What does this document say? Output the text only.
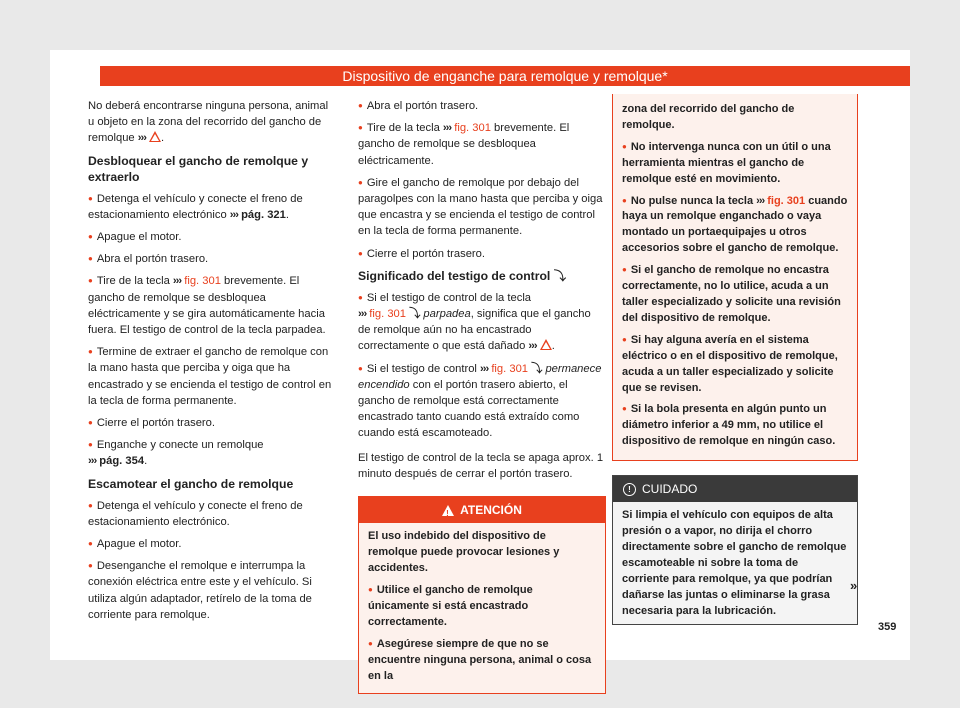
Dispositivo de enganche para remolque y remolque*

No deberá encontrarse ninguna persona, animal u objeto en la zona del recorrido del gancho de remolque ››› .

Desbloquear el gancho de remolque y extraerlo

● Detenga el vehículo y conecte el freno de estacionamiento electrónico ››› pág. 321.

● Apague el motor.

● Abra el portón trasero.

● Tire de la tecla ››› fig. 301 brevemente. El gancho de remolque se desbloquea eléctricamente y se gira automáticamente hacia fuera. El testigo de control de la tecla parpadea.

● Termine de extraer el gancho de remolque con la mano hasta que perciba y oiga que ha encastrado y se encienda el testigo de control en la tecla de forma permanente.

● Cierre el portón trasero.

● Enganche y conecte un remolque
››› pág. 354.

Escamotear el gancho de remolque

● Detenga el vehículo y conecte el freno de estacionamiento electrónico.

● Apague el motor.

● Desenganche el remolque e interrumpa la conexión eléctrica entre este y el vehículo. Si utiliza algún adaptador, retírelo de la toma de corriente para remolque.

● Abra el portón trasero.

● Tire de la tecla ››› fig. 301 brevemente. El gancho de remolque se desbloquea eléctricamente.

● Gire el gancho de remolque por debajo del paragolpes con la mano hasta que perciba y oiga que encastra y se encienda el testigo de control en la tecla de forma permanente.

● Cierre el portón trasero.

Significado del testigo de control ⤵

● Si el testigo de control de la tecla
››› fig. 301 ⤵ parpadea, significa que el gancho de remolque aún no ha encastrado correctamente o que está dañado ››› .

● Si el testigo de control ››› fig. 301 ⤵ permanece encendido con el portón trasero abierto, el gancho de remolque está correctamente encastrado tanto cuando está extraído como cuando está escamoteado.

El testigo de control de la tecla se apaga aprox. 1 minuto después de cerrar el portón trasero.

!
ATENCIÓN

El uso indebido del dispositivo de remolque puede provocar lesiones y accidentes.

● Utilice el gancho de remolque únicamente si está encastrado correctamente.

● Asegúrese siempre de que no se encuentre ninguna persona, animal o cosa en la

zona del recorrido del gancho de remolque.

● No intervenga nunca con un útil o una herramienta mientras el gancho de remolque esté en movimiento.

● No pulse nunca la tecla ››› fig. 301 cuando haya un remolque enganchado o vaya montado un portaequipajes u otros accesorios sobre el gancho de remolque.

● Si el gancho de remolque no encastra correctamente, no lo utilice, acuda a un taller especializado y solicite una revisión del dispositivo de remolque.

● Si hay alguna avería en el sistema eléctrico o en el dispositivo de remolque, acuda a un taller especializado y solicite que se revisen.

● Si la bola presenta en algún punto un diámetro inferior a 49 mm, no utilice el dispositivo de remolque en ningún caso.

! CUIDADO
Si limpia el vehículo con equipos de alta presión o a vapor, no dirija el chorro directamente sobre el gancho de remolque escamoteable ni sobre la toma de corriente para remolque, ya que podrían dañarse las juntas o eliminarse la grasa necesaria para la lubricación.
»
359
